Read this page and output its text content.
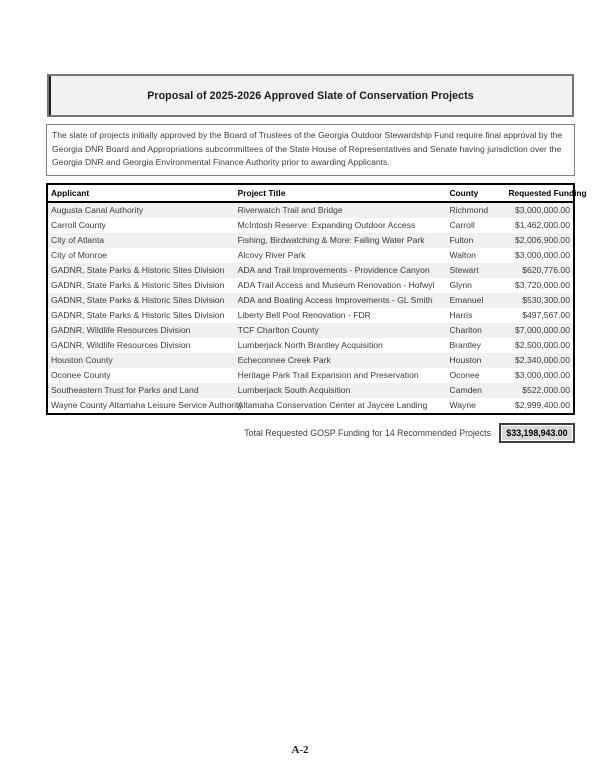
Proposal of 2025-2026 Approved Slate of Conservation Projects
The slate of projects initially approved by the Board of Trustees of the Georgia Outdoor Stewardship Fund require final approval by the Georgia DNR Board and Appropriations subcommittees of the State House of Representatives and Senate having jurisdiction over the Georgia DNR and Georgia Environmental Finance Authority prior to awarding Applicants.
Applicant	Project Title	County	Requested Funding
Augusta Canal Authority	Riverwatch Trail and Bridge	Richmond	$3,000,000.00
Carroll County	McIntosh Reserve: Expanding Outdoor Access	Carroll	$1,462,000.00
City of Atlanta	Fishing, Birdwatching & More: Falling Water Park	Fulton	$2,006,900.00
City of Monroe	Alcovy River Park	Walton	$3,000,000.00
GADNR, State Parks & Historic Sites Division	ADA and Trail Improvements - Providence Canyon	Stewart	$620,776.00
GADNR, State Parks & Historic Sites Division	ADA Trail Access and Museum Renovation - Hofwyl	Glynn	$3,720,000.00
GADNR, State Parks & Historic Sites Division	ADA and Boating Access Improvements - GL Smith	Emanuel	$530,300.00
GADNR, State Parks & Historic Sites Division	Liberty Bell Pool Renovation - FDR	Harris	$497,567.00
GADNR, Wildlife Resources Division	TCF Charlton County	Charlton	$7,000,000.00
GADNR, Wildlife Resources Division	Lumberjack North Brantley Acquisition	Brantley	$2,500,000.00
Houston County	Echeconnee Creek Park	Houston	$2,340,000.00
Oconee County	Heritage Park Trail Expansion and Preservation	Oconee	$3,000,000.00
Southeastern Trust for Parks and Land	Lumberjack South Acquisition	Camden	$522,000.00
Wayne County Altamaha Leisure Service Authority	Altamaha Conservation Center at Jaycee Landing	Wayne	$2,999,400.00
Total Requested GOSP Funding for 14 Recommended Projects	$33,198,943.00
A-2
